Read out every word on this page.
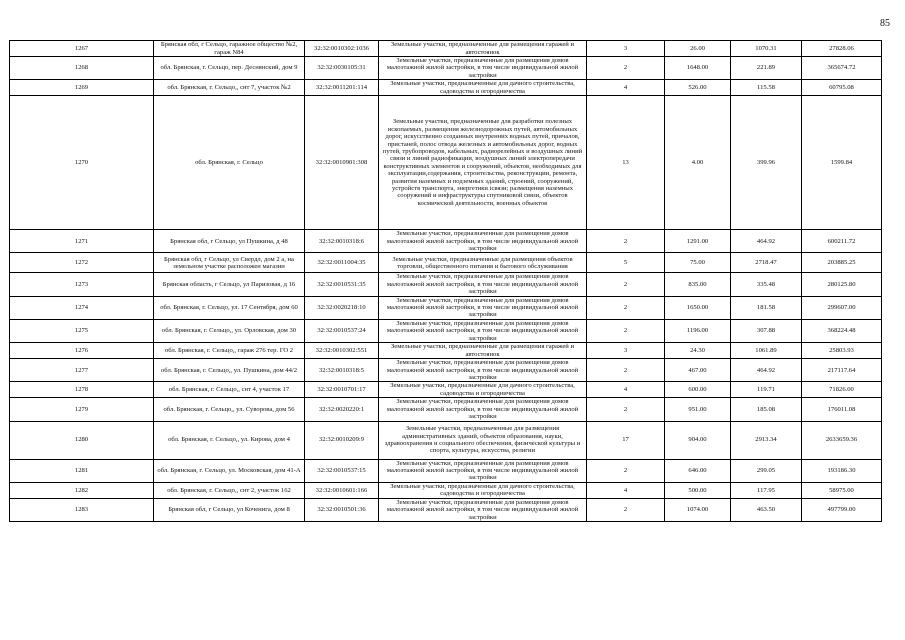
85
1267	Брянская обл, г Сельцо, гаражное общество №2, гараж N84	32:32:0010302:1036	Земельные участки, предназначенные для размещения гаражей и автостоянок	3	26.00	1070.31	27828.06
1268	обл. Брянская, г. Сельцо, пер. Деснянский, дом 9	32:32:0030105:31	Земельные участки, предназначенные для размещения домов малоэтажной жилой застройки, в том числе индивидуальной жилой застройки	2	1648.00	221.89	365674.72
1269	обл. Брянская, г. Сельцо,, снт 7, участок №2	32:32:0011201:114	Земельные участки, предназначенные для дачного строительства, садоводства и огородничества	4	526.00	115.58	60795.08
1270	обл. Брянская, г. Сельцо	32:32:0010901:308	Земельные участки, предназначенные для разработки полезных ископаемых, размещения железнодорожных путей, автомобильных дорог, искусственно созданных внутренних водных путей, причалов, пристаней, полос отвода железных и автомобильных дорог, водных путей, трубопроводов, кабельных, радиорелейных и воздушных линий связи и линий радиофикации, воздушных линий электропередачи конструктивных элементов и сооружений, объектов, необходимых для эксплуатации,содержания, строительства, реконструкции, ремонта, развития наземных и подземных зданий, строений, сооружений, устройств транспорта, энергетики iсвязи; размещения наземных сооружений и инфраструктуры спутниковой связи, объектов космической деятельности, военных объектов	13	4.00	399.96	1599.84
1271	Брянская обл, г Сельцо, ул Пушкина, д 48	32:32:0010318:6	Земельные участки, предназначенные для размещения домов малоэтажной жилой застройки, в том числе индивидуальной жилой застройки	2	1291.00	464.92	600211.72
1272	Брянская обл, г Сельцо, ул Свердл, дом 2 а, на земельном участке расположен магазин	32:32:0011004:35	Земельные участки, предназначенные для размещения объектов торговли, общественного питания и бытового обслуживания	5	75.00	2718.47	203885.25
1273	Брянская область, г Сельцо, ул Паризовая, д 16	32:32:0010531:35	Земельные участки, предназначенные для размещения домов малоэтажной жилой застройки, в том числе индивидуальной жилой застройки	2	835.00	335.48	280125.80
1274	обл. Брянская, г. Сельцо, ул. 17 Сентября, дом 60	32:32:0020218:10	Земельные участки, предназначенные для размещения домов малоэтажной жилой застройки, в том числе индивидуальной жилой застройки	2	1650.00	181.58	299607.00
1275	обл. Брянская, г. Сельцо,, ул. Орловская, дом 30	32:32:0010537:24	Земельные участки, предназначенные для размещения домов малоэтажной жилой застройки, в том числе индивидуальной жилой застройки	2	1196.00	307.88	368224.48
1276	обл. Брянская, г. Сельцо,, гараж 276 тер. ГО 2	32:32:0010302:551	Земельные участки, предназначенные для размещения гаражей и автостоянок	3	24.30	1061.89	25803.93
1277	обл. Брянская, г. Сельцо,, ул. Пушкина, дом 44/2	32:32:0010318:5	Земельные участки, предназначенные для размещения домов малоэтажной жилой застройки, в том числе индивидуальной жилой застройки	2	467.00	464.92	217117.64
1278	обл. Брянская, г. Сельцо,, снт 4, участок 17	32:32:0010701:17	Земельные участки, предназначенные для дачного строительства, садоводства и огородничества	4	600.00	119.71	71826.00
1279	обл. Брянская, г. Сельцо,, ул. Суворова, дом 56	32:32:0020220:1	Земельные участки, предназначенные для размещения домов малоэтажной жилой застройки, в том числе индивидуальной жилой застройки	2	951.00	185.08	176011.08
1280	обл. Брянская, г. Сельцо,, ул. Кирова, дом 4	32:32:0010209:9	Земельные участки, предназначенные для размещения административных зданий, объектов образования, науки, здравоохранения и социального обеспечения, физической культуры и спорта, культуры, искусства, религии	17	904.00	2913.34	2633659.36
1281	обл. Брянская, г. Сельцо, ул. Московская, дом 41-А	32:32:0010537:15	Земельные участки, предназначенные для размещения домов малоэтажной жилой застройки, в том числе индивидуальной жилой застройки	2	646.00	299.05	193186.30
1282	обл. Брянская, г. Сельцо,, снт 2, участок 162	32:32:0010601:166	Земельные участки, предназначенные для дачного строительства, садоводства и огородничества	4	500.00	117.95	58975.00
1283	Брянская обл, г Сельцо, ул Коченига, дом 8	32:32:0010501:36	Земельные участки, предназначенные для размещения домов малоэтажной жилой застройки, в том числе индивидуальной жилой застройки	2	1074.00	463.50	497799.00
